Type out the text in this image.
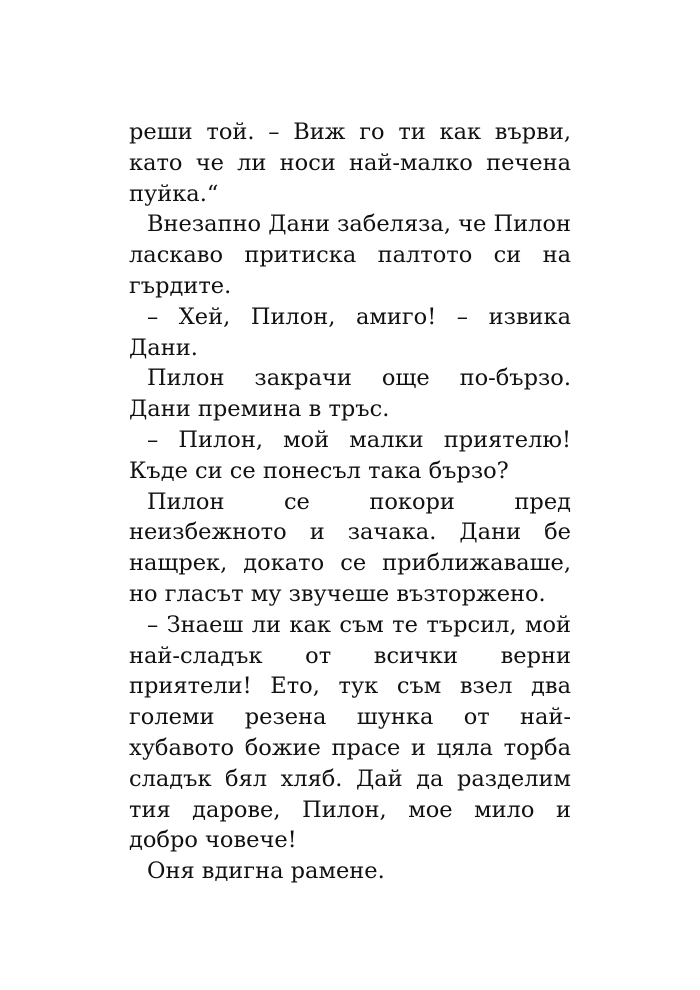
реши той. – Виж го ти как върви,
като че ли носи най-малко печена
пуйка.“
Внезапно Дани забеляза, че Пилон
ласкаво притиска палтото си на
гърдите.
– Хей, Пилон, амиго! – извика
Дани.
Пилон закрачи още по-бързо.
Дани премина в тръс.
– Пилон, мой малки приятелю!
Къде си се понесъл така бързо?
Пилон се покори пред
неизбежното и зачака. Дани бе
нащрек, докато се приближаваше,
но гласът му звучеше възторжено.
– Знаеш ли как съм те търсил, мой
най-сладък от всички верни
приятели! Ето, тук съм взел два
големи резена шунка от най-
хубавото божие прасе и цяла торба
сладък бял хляб. Дай да разделим
тия дарове, Пилон, мое мило и
добро човече!
Оня вдигна рамене.
